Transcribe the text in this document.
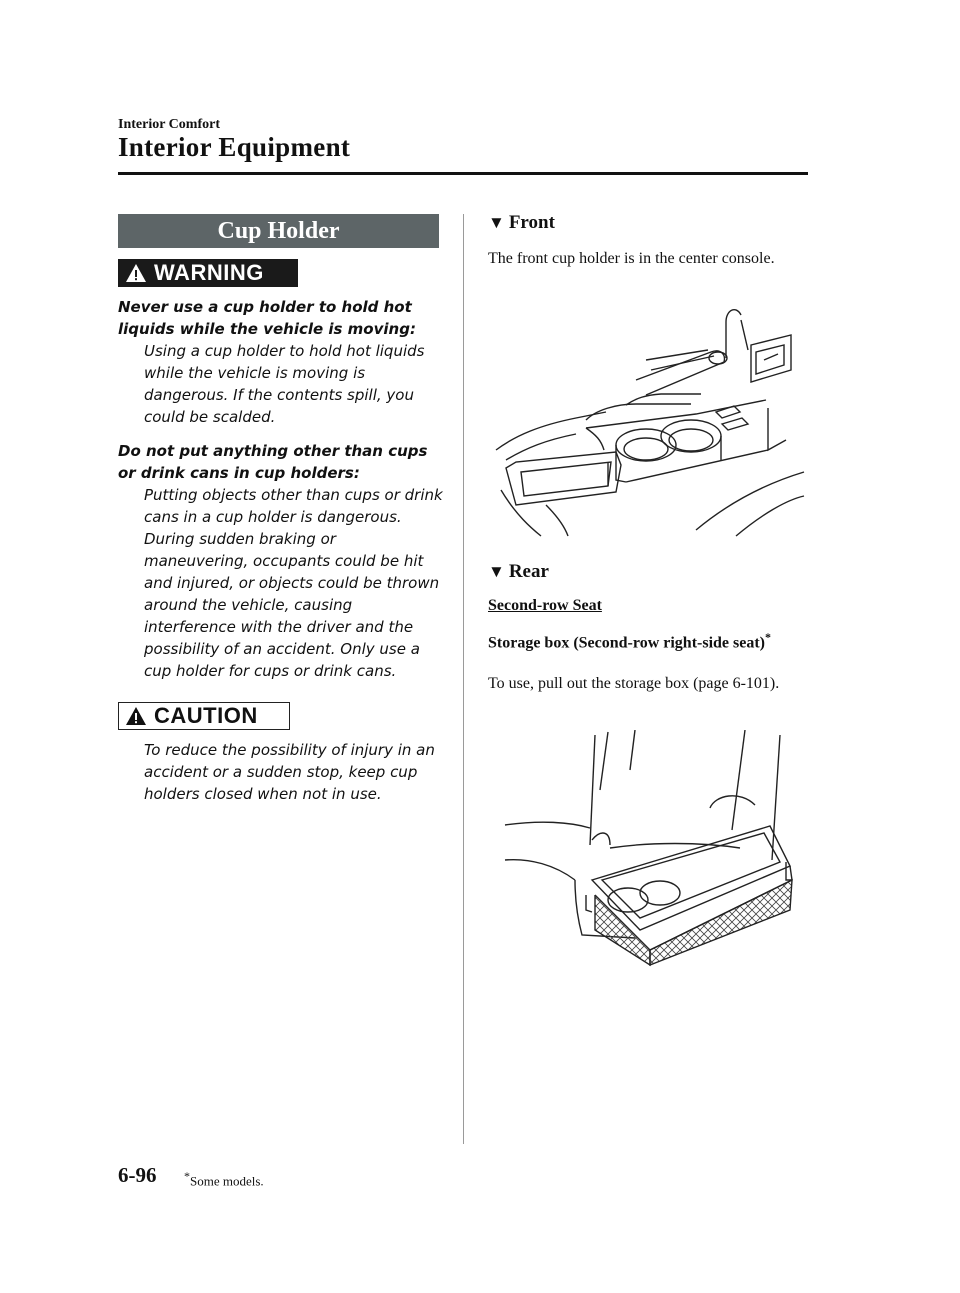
Interior Comfort
Interior Equipment
Cup Holder
WARNING
Never use a cup holder to hold hot liquids while the vehicle is moving:
Using a cup holder to hold hot liquids while the vehicle is moving is dangerous. If the contents spill, you could be scalded.
Do not put anything other than cups or drink cans in cup holders:
Putting objects other than cups or drink cans in a cup holder is dangerous.
During sudden braking or maneuvering, occupants could be hit and injured, or objects could be thrown around the vehicle, causing interference with the driver and the possibility of an accident. Only use a cup holder for cups or drink cans.
CAUTION
To reduce the possibility of injury in an accident or a sudden stop, keep cup holders closed when not in use.
▼ Front
The front cup holder is in the center console.
▼ Rear
Second-row Seat
Storage box (Second-row right-side seat)*
To use, pull out the storage box (page 6-101).
6-96 *Some models.
